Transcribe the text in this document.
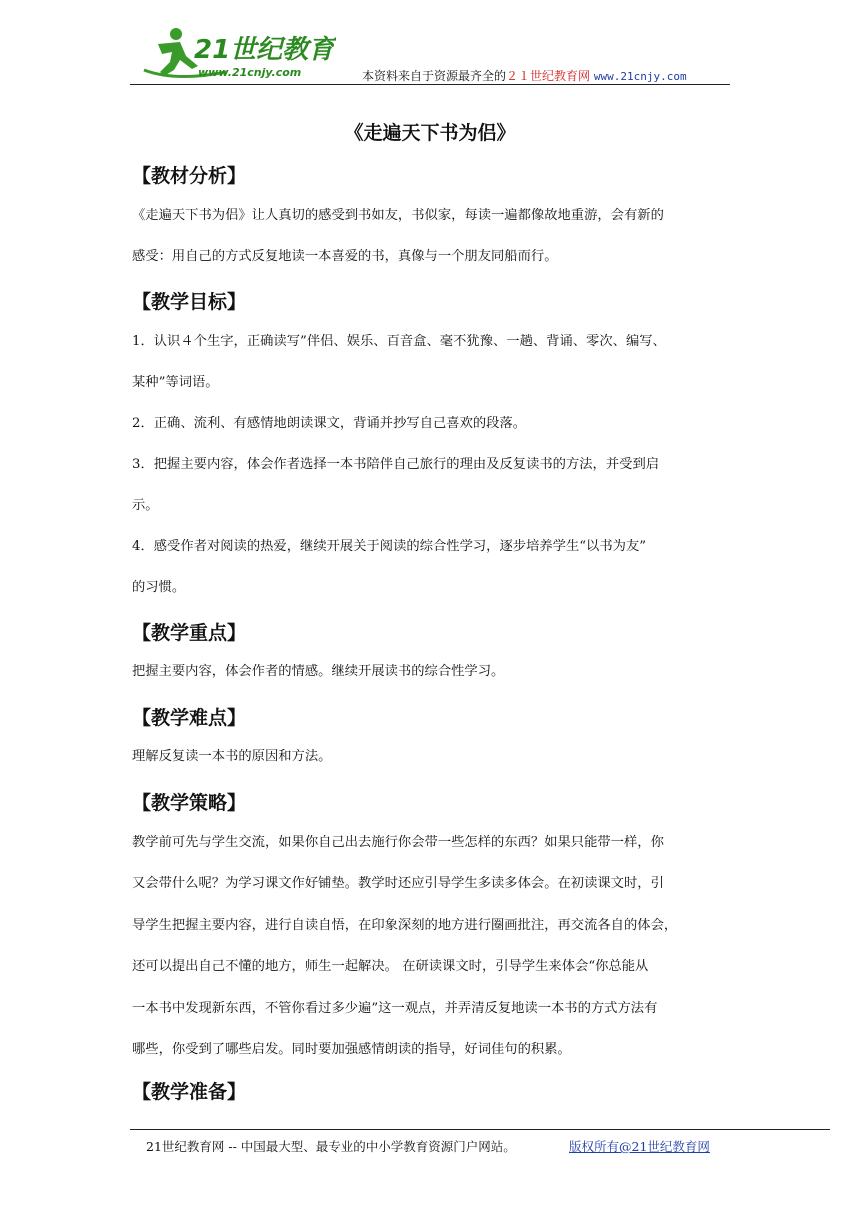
21世纪教育
www.21cnjy.com	本资料来自于资源最齐全的２１世纪教育网 www.21cnjy.com
《走遍天下书为侣》
【教材分析】
《走遍天下书为侣》让人真切的感受到书如友，书似家，每读一遍都像故地重游，会有新的
感受：用自己的方式反复地读一本喜爱的书，真像与一个朋友同船而行。
【教学目标】
1．认识４个生字，正确读写”伴侣、娱乐、百音盒、毫不犹豫、一趟、背诵、零次、编写、
某种”等词语。
2．正确、流利、有感情地朗读课文，背诵并抄写自己喜欢的段落。
3．把握主要内容，体会作者选择一本书陪伴自己旅行的理由及反复读书的方法，并受到启
示。
4．感受作者对阅读的热爱，继续开展关于阅读的综合性学习，逐步培养学生“以书为友”
的习惯。
【教学重点】
把握主要内容，体会作者的情感。继续开展读书的综合性学习。
【教学难点】
理解反复读一本书的原因和方法。
【教学策略】
教学前可先与学生交流，如果你自己出去施行你会带一些怎样的东西？如果只能带一样，你
又会带什么呢？为学习课文作好铺垫。教学时还应引导学生多读多体会。在初读课文时，引
导学生把握主要内容，进行自读自悟，在印象深刻的地方进行圈画批注，再交流各自的体会，
还可以提出自己不懂的地方，师生一起解决。 在研读课文时，引导学生来体会“你总能从
一本书中发现新东西，不管你看过多少遍”这一观点，并弄清反复地读一本书的方式方法有
哪些，你受到了哪些启发。同时要加强感情朗读的指导，好词佳句的积累。
【教学准备】
21世纪教育网 -- 中国最大型、最专业的中小学教育资源门户网站。	版权所有@21世纪教育网
